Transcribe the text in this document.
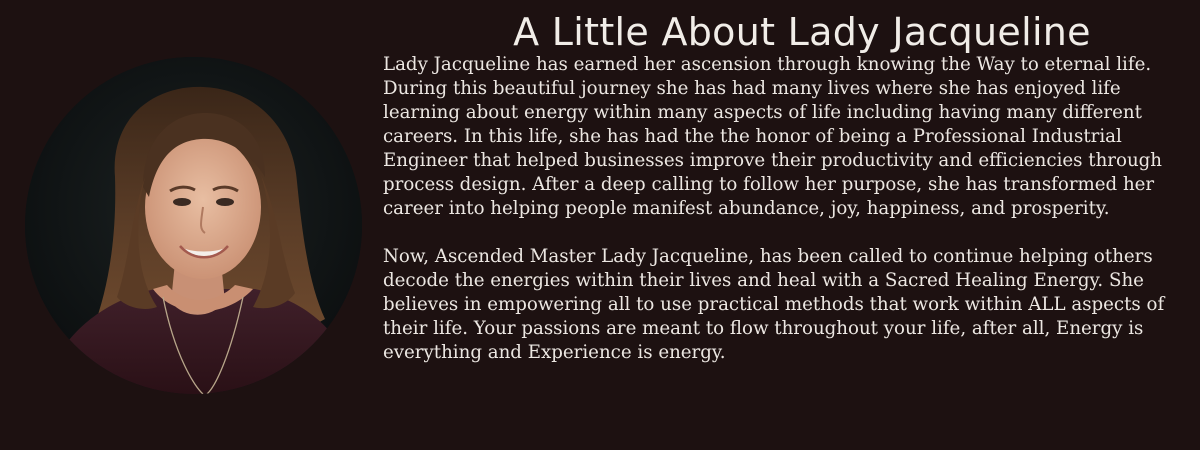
A Little About Lady Jacqueline

Lady Jacqueline has earned her ascension through knowing the Way to eternal life. During this beautiful journey she has had many lives where she has enjoyed life learning about energy within many aspects of life including having many different careers. In this life, she has had the the honor of being a Professional Industrial Engineer that helped businesses improve their productivity and efficiencies through process design. After a deep calling to follow her purpose, she has transformed her career into helping people manifest abundance, joy, happiness, and prosperity.

Now, Ascended Master Lady Jacqueline, has been called to continue helping others decode the energies within their lives and heal with a Sacred Healing Energy. She believes in empowering all to use practical methods that work within ALL aspects of their life. Your passions are meant to flow throughout your life, after all, Energy is everything and Experience is energy.
